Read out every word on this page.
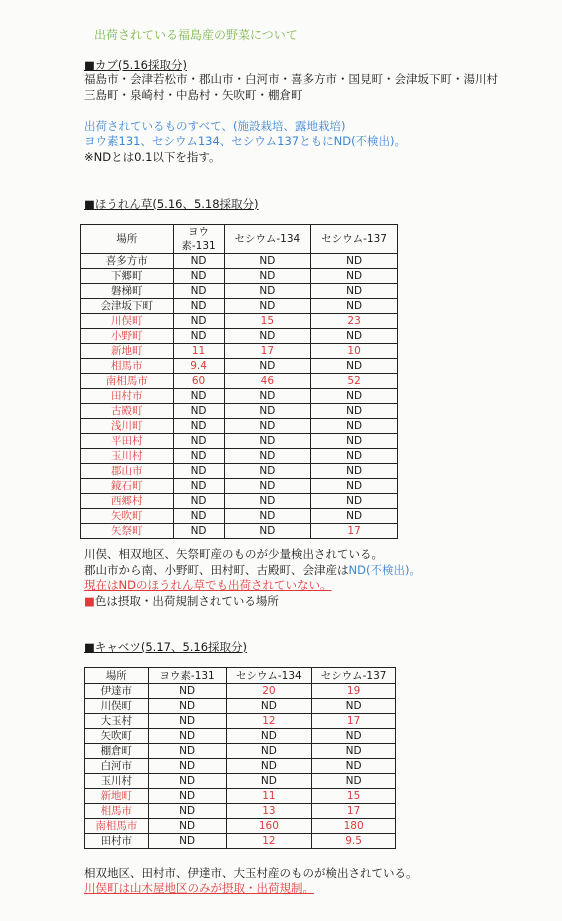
出荷されている福島産の野菜について
■カブ(5.16採取分)
福島市・会津若松市・郡山市・白河市・喜多方市・国見町・会津坂下町・湯川村
三島町・泉崎村・中島村・矢吹町・棚倉町
出荷されているものすべて、(施設栽培、露地栽培)
ヨウ素131、セシウム134、セシウム137ともにND(不検出)。
※NDとは0.1以下を指す。
■ほうれん草(5.16、5.18採取分)
場所	ヨウ素-131	セシウム-134	セシウム-137
喜多方市	ND	ND	ND
下郷町	ND	ND	ND
磐梯町	ND	ND	ND
会津坂下町	ND	ND	ND
川俣町	ND	15	23
小野町	ND	ND	ND
新地町	11	17	10
相馬市	9.4	ND	ND
南相馬市	60	46	52
田村市	ND	ND	ND
古殿町	ND	ND	ND
浅川町	ND	ND	ND
平田村	ND	ND	ND
玉川村	ND	ND	ND
郡山市	ND	ND	ND
鏡石町	ND	ND	ND
西郷村	ND	ND	ND
矢吹町	ND	ND	ND
矢祭町	ND	ND	17
川俣、相双地区、矢祭町産のものが少量検出されている。
郡山市から南、小野町、田村町、古殿町、会津産はND(不検出)。
現在はNDのほうれん草でも出荷されていない。
■色は摂取・出荷規制されている場所
■キャベツ(5.17、5.16採取分)
場所	ヨウ素-131	セシウム-134	セシウム-137
伊達市	ND	20	19
川俣町	ND	ND	ND
大玉村	ND	12	17
矢吹町	ND	ND	ND
棚倉町	ND	ND	ND
白河市	ND	ND	ND
玉川村	ND	ND	ND
新地町	ND	11	15
相馬市	ND	13	17
南相馬市	ND	160	180
田村市	ND	12	9.5
相双地区、田村市、伊達市、大玉村産のものが検出されている。
川俣町は山木屋地区のみが摂取・出荷規制。
